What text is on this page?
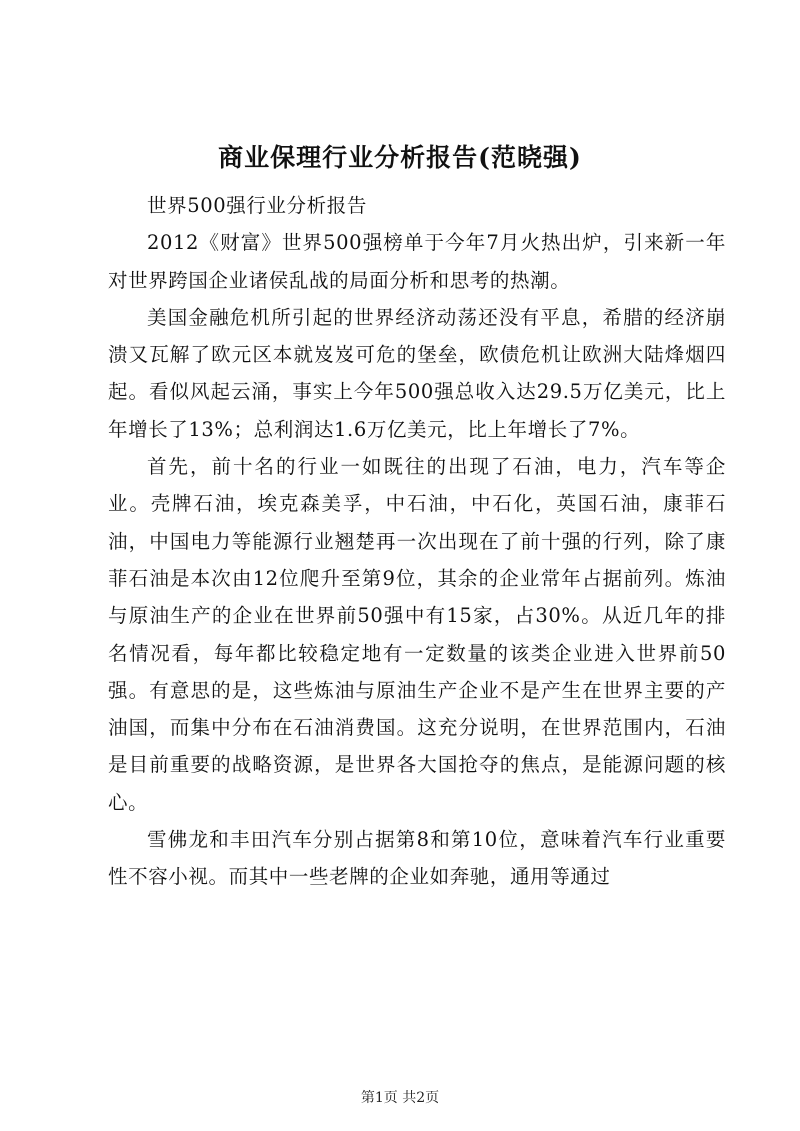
商业保理行业分析报告(范晓强)

世界500强行业分析报告

2012《财富》世界500强榜单于今年7月火热出炉，引来新一年对世界跨国企业诸侯乱战的局面分析和思考的热潮。

美国金融危机所引起的世界经济动荡还没有平息，希腊的经济崩溃又瓦解了欧元区本就岌岌可危的堡垒，欧债危机让欧洲大陆烽烟四起。看似风起云涌，事实上今年500强总收入达29.5万亿美元，比上年增长了13%；总利润达1.6万亿美元，比上年增长了7%。

首先，前十名的行业一如既往的出现了石油，电力，汽车等企业。壳牌石油，埃克森美孚，中石油，中石化，英国石油，康菲石油，中国电力等能源行业翘楚再一次出现在了前十强的行列，除了康菲石油是本次由12位爬升至第9位，其余的企业常年占据前列。炼油与原油生产的企业在世界前50强中有15家，占30%。从近几年的排名情况看，每年都比较稳定地有一定数量的该类企业进入世界前50强。有意思的是，这些炼油与原油生产企业不是产生在世界主要的产油国，而集中分布在石油消费国。这充分说明，在世界范围内，石油是目前重要的战略资源，是世界各大国抢夺的焦点，是能源问题的核心。

雪佛龙和丰田汽车分别占据第8和第10位，意味着汽车行业重要性不容小视。而其中一些老牌的企业如奔驰，通用等通过

第1页 共2页
